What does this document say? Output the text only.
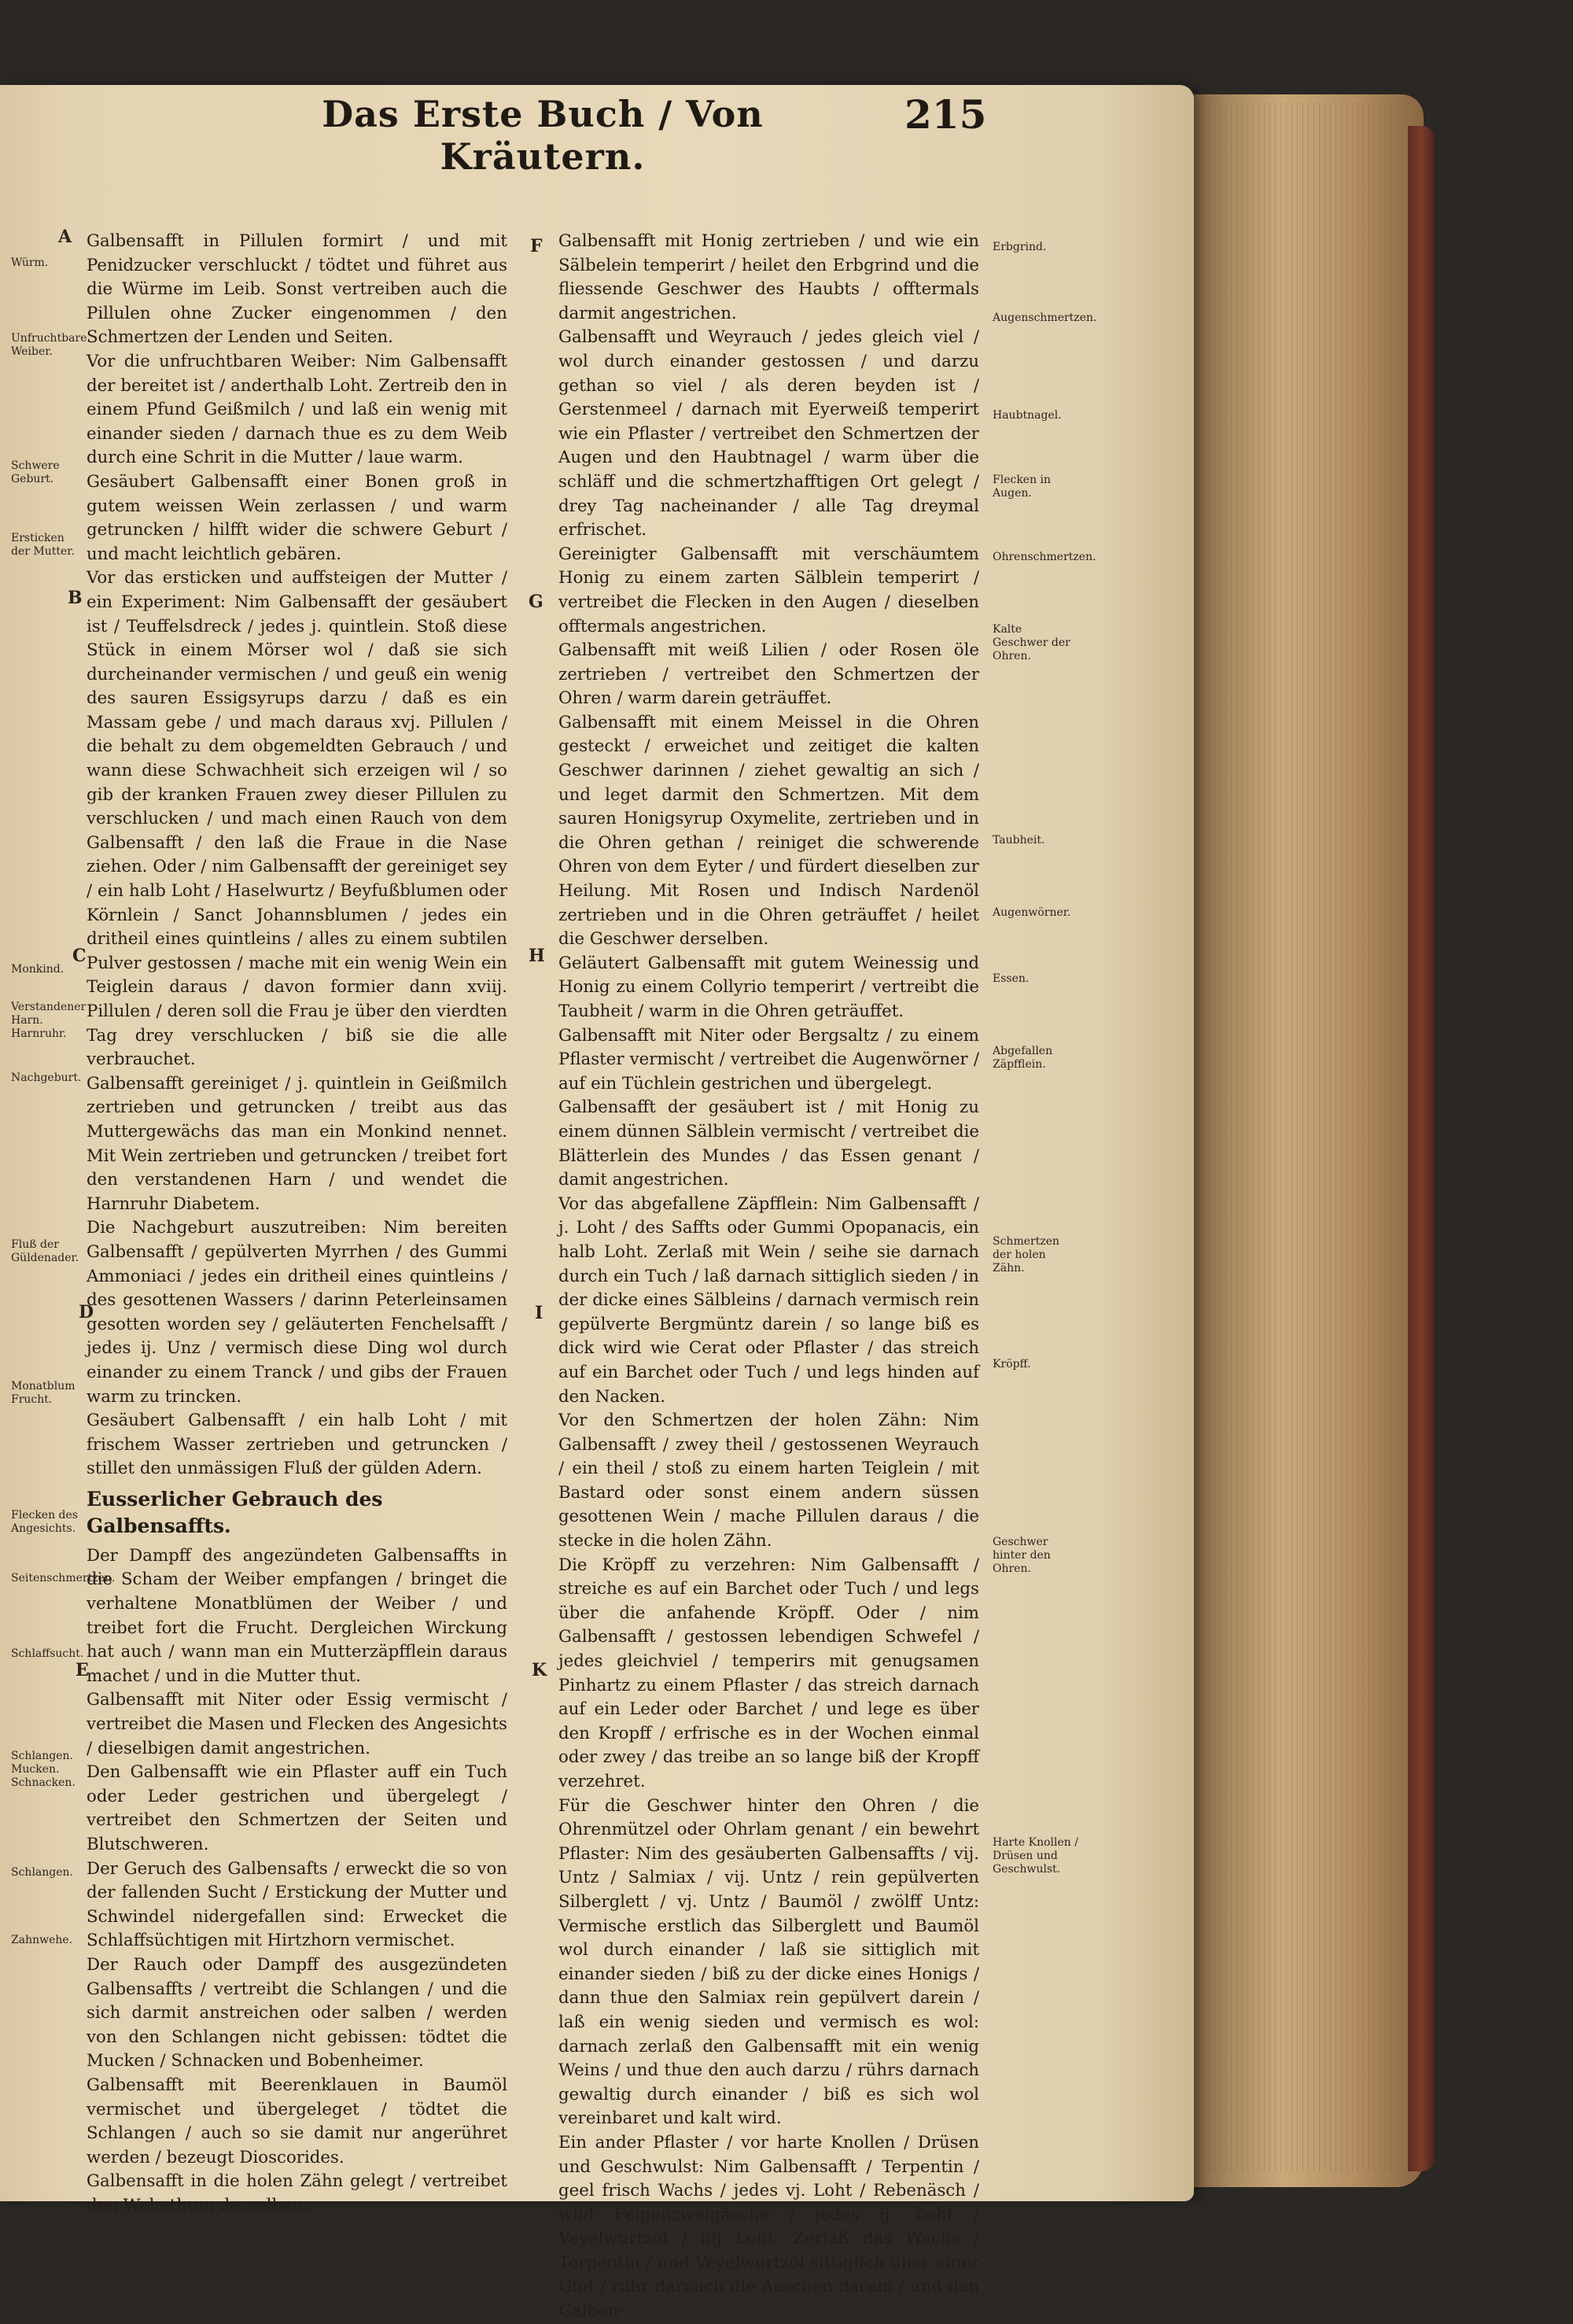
Das Erste Buch / Von Kräutern.
215
A
B
C
D
E
F
G
H
I
K
Würm.
Unfruchtbare Weiber.
Schwere Geburt.
Ersticken der Mutter.
Monkind.
Verstandener Harn. Harnruhr.
Nachgeburt.
Fluß der Güldenader.
Monatblum Frucht.
Flecken des Angesichts.
Seitenschmertzen.
Schlaffsucht.
Schlangen. Mucken. Schnacken.
Schlangen.
Zahnwehe.

Galbensafft in Pillulen formirt / und mit Penidzucker verschluckt / tödtet und führet aus die Würme im Leib. Sonst vertreiben auch die Pillulen ohne Zucker eingenommen / den Schmertzen der Lenden und Seiten.

Vor die unfruchtbaren Weiber: Nim Galbensafft der bereitet ist / anderthalb Loht. Zertreib den in einem Pfund Geißmilch / und laß ein wenig mit einander sieden / darnach thue es zu dem Weib durch eine Schrit in die Mutter / laue warm.

Gesäubert Galbensafft einer Bonen groß in gutem weissen Wein zerlassen / und warm getruncken / hilfft wider die schwere Geburt / und macht leichtlich gebären.

Vor das ersticken und auffsteigen der Mutter / ein Experiment: Nim Galbensafft der gesäubert ist / Teuffelsdreck / jedes j. quintlein. Stoß diese Stück in einem Mörser wol / daß sie sich durcheinander vermischen / und geuß ein wenig des sauren Essigsyrups darzu / daß es ein Massam gebe / und mach daraus xvj. Pillulen / die behalt zu dem obgemeldten Gebrauch / und wann diese Schwachheit sich erzeigen wil / so gib der kranken Frauen zwey dieser Pillulen zu verschlucken / und mach einen Rauch von dem Galbensafft / den laß die Fraue in die Nase ziehen. Oder / nim Galbensafft der gereiniget sey / ein halb Loht / Haselwurtz / Beyfußblumen oder Körnlein / Sanct Johannsblumen / jedes ein dritheil eines quintleins / alles zu einem subtilen Pulver gestossen / mache mit ein wenig Wein ein Teiglein daraus / davon formier dann xviij. Pillulen / deren soll die Frau je über den vierdten Tag drey verschlucken / biß sie die alle verbrauchet.

Galbensafft gereiniget / j. quintlein in Geißmilch zertrieben und getruncken / treibt aus das Muttergewächs das man ein Monkind nennet. Mit Wein zertrieben und getruncken / treibet fort den verstandenen Harn / und wendet die Harnruhr Diabetem.

Die Nachgeburt auszutreiben: Nim bereiten Galbensafft / gepülverten Myrrhen / des Gummi Ammoniaci / jedes ein dritheil eines quintleins / des gesottenen Wassers / darinn Peterleinsamen gesotten worden sey / geläuterten Fenchelsafft / jedes ij. Unz / vermisch diese Ding wol durch einander zu einem Tranck / und gibs der Frauen warm zu trincken.

Gesäubert Galbensafft / ein halb Loht / mit frischem Wasser zertrieben und getruncken / stillet den unmässigen Fluß der gülden Adern.

Eusserlicher Gebrauch des Galbensaffts.

Der Dampff des angezündeten Galbensaffts in die Scham der Weiber empfangen / bringet die verhaltene Monatblümen der Weiber / und treibet fort die Frucht. Dergleichen Wirckung hat auch / wann man ein Mutterzäpfflein daraus machet / und in die Mutter thut.

Galbensafft mit Niter oder Essig vermischt / vertreibet die Masen und Flecken des Angesichts / dieselbigen damit angestrichen.

Den Galbensafft wie ein Pflaster auff ein Tuch oder Leder gestrichen und übergelegt / vertreibet den Schmertzen der Seiten und Blutschweren.

Der Geruch des Galbensafts / erweckt die so von der fallenden Sucht / Erstickung der Mutter und Schwindel nidergefallen sind: Erwecket die Schlaffsüchtigen mit Hirtzhorn vermischet.

Der Rauch oder Dampff des ausgezündeten Galbensaffts / vertreibt die Schlangen / und die sich darmit anstreichen oder salben / werden von den Schlangen nicht gebissen: tödtet die Mucken / Schnacken und Bobenheimer.

Galbensafft mit Beerenklauen in Baumöl vermischet und übergeleget / tödtet die Schlangen / auch so sie damit nur angerühret werden / bezeugt Dioscorides.

Galbensafft in die holen Zähn gelegt / vertreibet den Wehethum derselben.

Galbensafft mit Honig zertrieben / und wie ein Sälbelein temperirt / heilet den Erbgrind und die fliessende Geschwer des Haubts / offtermals darmit angestrichen.

Galbensafft und Weyrauch / jedes gleich viel / wol durch einander gestossen / und darzu gethan so viel / als deren beyden ist / Gerstenmeel / darnach mit Eyerweiß temperirt wie ein Pflaster / vertreibet den Schmertzen der Augen und den Haubtnagel / warm über die schläff und die schmertzhafftigen Ort gelegt / drey Tag nacheinander / alle Tag dreymal erfrischet.

Gereinigter Galbensafft mit verschäumtem Honig zu einem zarten Sälblein temperirt / vertreibet die Flecken in den Augen / dieselben offtermals angestrichen.

Galbensafft mit weiß Lilien / oder Rosen öle zertrieben / vertreibet den Schmertzen der Ohren / warm darein geträuffet.

Galbensafft mit einem Meissel in die Ohren gesteckt / erweichet und zeitiget die kalten Geschwer darinnen / ziehet gewaltig an sich / und leget darmit den Schmertzen. Mit dem sauren Honigsyrup Oxymelite, zertrieben und in die Ohren gethan / reiniget die schwerende Ohren von dem Eyter / und fürdert dieselben zur Heilung. Mit Rosen und Indisch Nardenöl zertrieben und in die Ohren geträuffet / heilet die Geschwer derselben.

Geläutert Galbensafft mit gutem Weinessig und Honig zu einem Collyrio temperirt / vertreibt die Taubheit / warm in die Ohren geträuffet.

Galbensafft mit Niter oder Bergsaltz / zu einem Pflaster vermischt / vertreibet die Augenwörner / auf ein Tüchlein gestrichen und übergelegt.

Galbensafft der gesäubert ist / mit Honig zu einem dünnen Sälblein vermischt / vertreibet die Blätterlein des Mundes / das Essen genant / damit angestrichen.

Vor das abgefallene Zäpfflein: Nim Galbensafft / j. Loht / des Saffts oder Gummi Opopanacis, ein halb Loht. Zerlaß mit Wein / seihe sie darnach durch ein Tuch / laß darnach sittiglich sieden / in der dicke eines Sälbleins / darnach vermisch rein gepülverte Bergmüntz darein / so lange biß es dick wird wie Cerat oder Pflaster / das streich auf ein Barchet oder Tuch / und legs hinden auf den Nacken.

Vor den Schmertzen der holen Zähn: Nim Galbensafft / zwey theil / gestossenen Weyrauch / ein theil / stoß zu einem harten Teiglein / mit Bastard oder sonst einem andern süssen gesottenen Wein / mache Pillulen daraus / die stecke in die holen Zähn.

Die Kröpff zu verzehren: Nim Galbensafft / streiche es auf ein Barchet oder Tuch / und legs über die anfahende Kröpff. Oder / nim Galbensafft / gestossen lebendigen Schwefel / jedes gleichviel / temperirs mit genugsamen Pinhartz zu einem Pflaster / das streich darnach auf ein Leder oder Barchet / und lege es über den Kropff / erfrische es in der Wochen einmal oder zwey / das treibe an so lange biß der Kropff verzehret.

Für die Geschwer hinter den Ohren / die Ohrenmützel oder Ohrlam genant / ein bewehrt Pflaster: Nim des gesäuberten Galbensaffts / vij. Untz / Salmiax / vij. Untz / rein gepülverten Silberglett / vj. Untz / Baumöl / zwölff Untz: Vermische erstlich das Silberglett und Baumöl wol durch einander / laß sie sittiglich mit einander sieden / biß zu der dicke eines Honigs / dann thue den Salmiax rein gepülvert darein / laß ein wenig sieden und vermisch es wol: darnach zerlaß den Galbensafft mit ein wenig Weins / und thue den auch darzu / rührs darnach gewaltig durch einander / biß es sich wol vereinbaret und kalt wird.

Ein ander Pflaster / vor harte Knollen / Drüsen und Geschwulst: Nim Galbensafft / Terpentin / geel frisch Wachs / jedes vj. Loht / Rebenäsch / wild Feigenzweigäsche / jedes ij. Loht / Veyelwurtzöl / iiij Loht. Zerlaß das Wachs / Terpentin / und Veyelwurtzöl sittiglich über einer Glut / rühr darnach die Aeschen darein / und den Galben-

Erbgrind.
Augenschmertzen.
Haubtnagel.
Flecken in Augen.
Ohrenschmertzen.
Kalte Geschwer der Ohren.
Taubheit.
Augenwörner.
Essen.
Abgefallen Zäpfflein.
Schmertzen der holen Zähn.
Kröpff.
Geschwer hinter den Ohren.
Harte Knollen / Drüsen und Geschwulst.
